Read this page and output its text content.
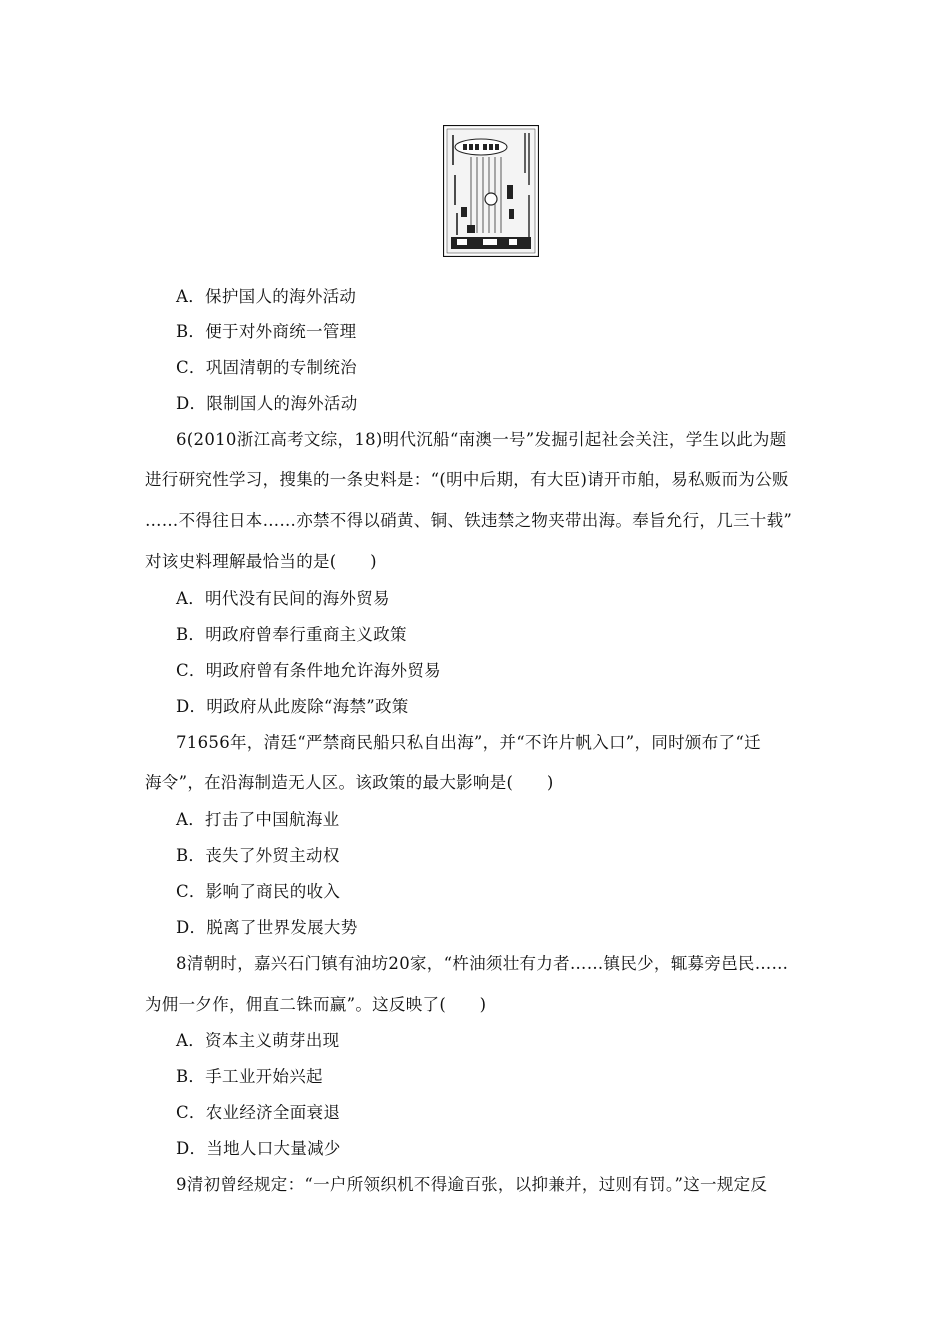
A．保护国人的海外活动
B．便于对外商统一管理
C．巩固清朝的专制统治
D．限制国人的海外活动
6(2010浙江高考文综，18)明代沉船“南澳一号”发掘引起社会关注，学生以此为题
进行研究性学习，搜集的一条史料是：“(明中后期，有大臣)请开市舶，易私贩而为公贩
……不得往日本……亦禁不得以硝黄、铜、铁违禁之物夹带出海。奉旨允行，几三十载”
对该史料理解最恰当的是(　　)
A．明代没有民间的海外贸易
B．明政府曾奉行重商主义政策
C．明政府曾有条件地允许海外贸易
D．明政府从此废除“海禁”政策
71656年，清廷“严禁商民船只私自出海”，并“不许片帆入口”，同时颁布了“迁
海令”，在沿海制造无人区。该政策的最大影响是(　　)
A．打击了中国航海业
B．丧失了外贸主动权
C．影响了商民的收入
D．脱离了世界发展大势
8清朝时，嘉兴石门镇有油坊20家，“杵油须壮有力者……镇民少，辄募旁邑民……
为佣一夕作，佣直二铢而赢”。这反映了(　　)
A．资本主义萌芽出现
B．手工业开始兴起
C．农业经济全面衰退
D．当地人口大量减少
9清初曾经规定：“一户所领织机不得逾百张，以抑兼并，过则有罚。”这一规定反
